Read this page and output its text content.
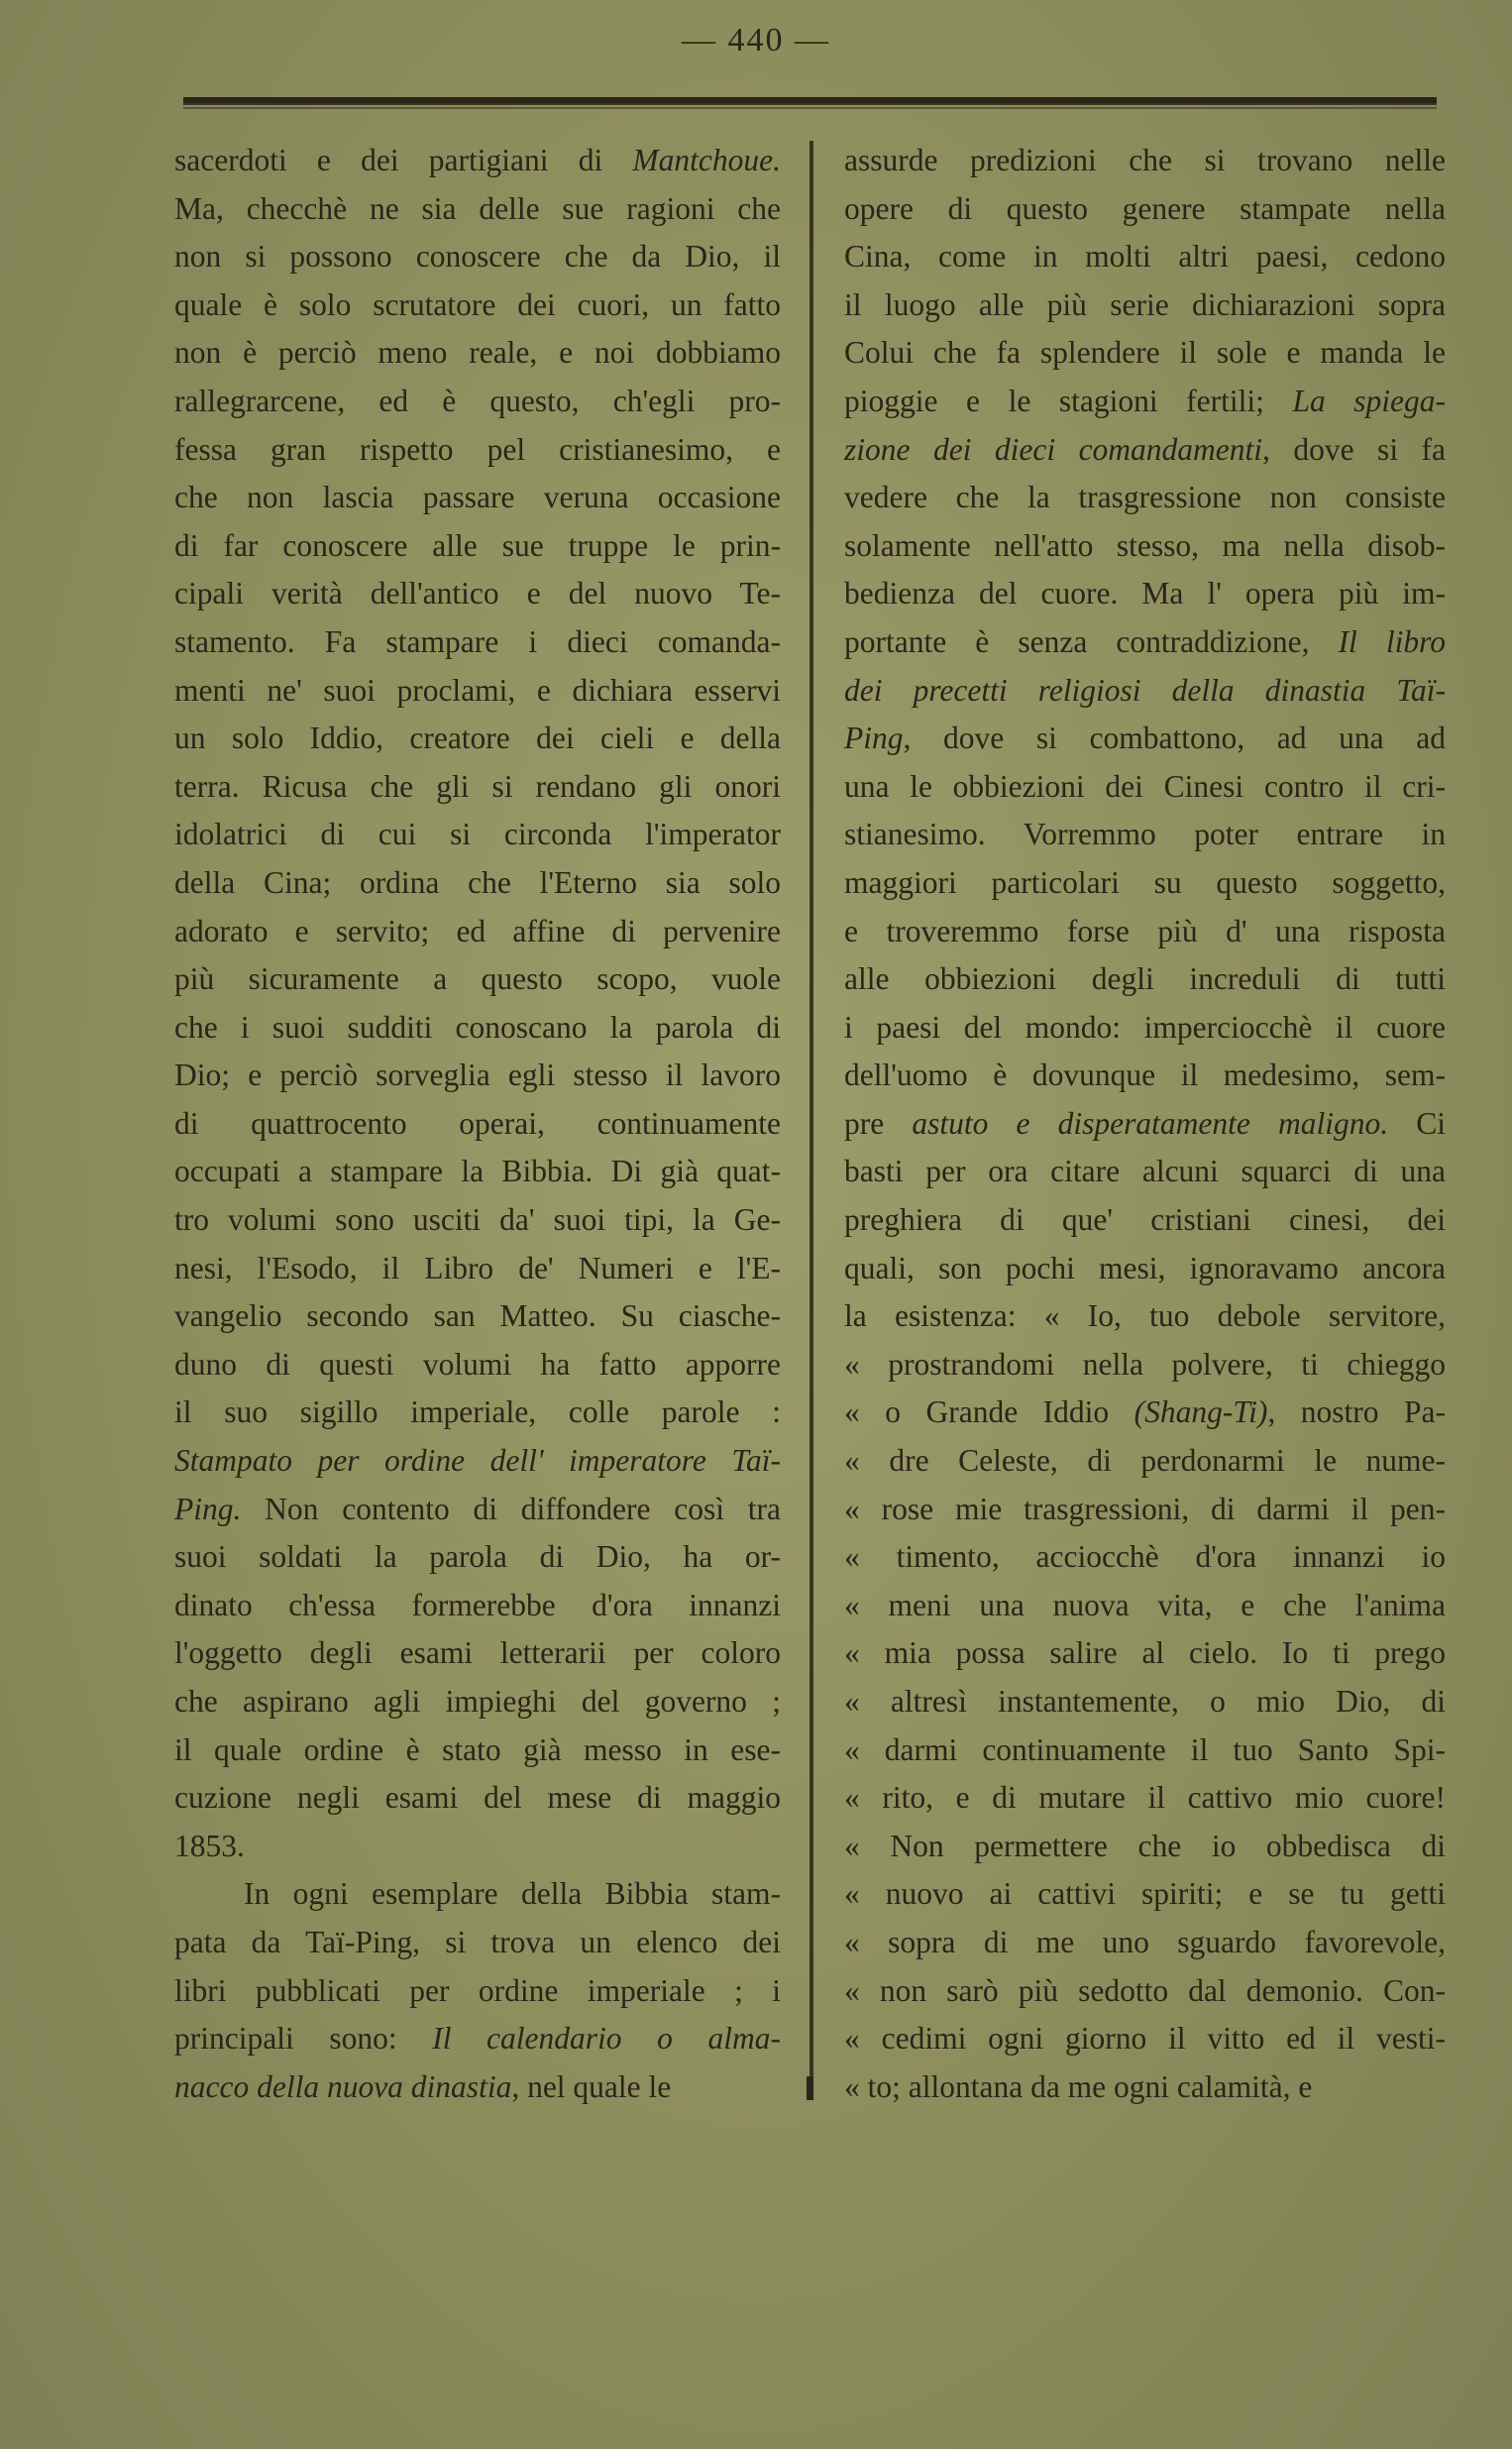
— 440 —
sacerdoti e dei partigiani di Mantchoue.
Ma, checchè ne sia delle sue ragioni che
non si possono conoscere che da Dio, il
quale è solo scrutatore dei cuori, un fatto
non è perciò meno reale, e noi dobbiamo
rallegrarcene, ed è questo, ch'egli pro-
fessa gran rispetto pel cristianesimo, e
che non lascia passare veruna occasione
di far conoscere alle sue truppe le prin-
cipali verità dell'antico e del nuovo Te-
stamento. Fa stampare i dieci comanda-
menti ne' suoi proclami, e dichiara esservi
un solo Iddio, creatore dei cieli e della
terra. Ricusa che gli si rendano gli onori
idolatrici di cui si circonda l'imperator
della Cina; ordina che l'Eterno sia solo
adorato e servito; ed affine di pervenire
più sicuramente a questo scopo, vuole
che i suoi sudditi conoscano la parola di
Dio; e perciò sorveglia egli stesso il lavoro
di quattrocento operai, continuamente
occupati a stampare la Bibbia. Di già quat-
tro volumi sono usciti da' suoi tipi, la Ge-
nesi, l'Esodo, il Libro de' Numeri e l'E-
vangelio secondo san Matteo. Su ciasche-
duno di questi volumi ha fatto apporre
il suo sigillo imperiale, colle parole :
Stampato per ordine dell' imperatore Taï-
Ping. Non contento di diffondere così tra
suoi soldati la parola di Dio, ha or-
dinato ch'essa formerebbe d'ora innanzi
l'oggetto degli esami letterarii per coloro
che aspirano agli impieghi del governo ;
il quale ordine è stato già messo in ese-
cuzione negli esami del mese di maggio
1853.
In ogni esemplare della Bibbia stam-
pata da Taï-Ping, si trova un elenco dei
libri pubblicati per ordine imperiale ; i
principali sono: Il calendario o alma-
nacco della nuova dinastia, nel quale le
assurde predizioni che si trovano nelle
opere di questo genere stampate nella
Cina, come in molti altri paesi, cedono
il luogo alle più serie dichiarazioni sopra
Colui che fa splendere il sole e manda le
pioggie e le stagioni fertili; La spiega-
zione dei dieci comandamenti, dove si fa
vedere che la trasgressione non consiste
solamente nell'atto stesso, ma nella disob-
bedienza del cuore. Ma l' opera più im-
portante è senza contraddizione, Il libro
dei precetti religiosi della dinastia Taï-
Ping, dove si combattono, ad una ad
una le obbiezioni dei Cinesi contro il cri-
stianesimo. Vorremmo poter entrare in
maggiori particolari su questo soggetto,
e troveremmo forse più d' una risposta
alle obbiezioni degli increduli di tutti
i paesi del mondo: imperciocchè il cuore
dell'uomo è dovunque il medesimo, sem-
pre astuto e disperatamente maligno. Ci
basti per ora citare alcuni squarci di una
preghiera di que' cristiani cinesi, dei
quali, son pochi mesi, ignoravamo ancora
la esistenza: « Io, tuo debole servitore,
« prostrandomi nella polvere, ti chieggo
« o Grande Iddio (Shang-Ti), nostro Pa-
« dre Celeste, di perdonarmi le nume-
« rose mie trasgressioni, di darmi il pen-
« timento, acciocchè d'ora innanzi io
« meni una nuova vita, e che l'anima
« mia possa salire al cielo. Io ti prego
« altresì instantemente, o mio Dio, di
« darmi continuamente il tuo Santo Spi-
« rito, e di mutare il cattivo mio cuore!
« Non permettere che io obbedisca di
« nuovo ai cattivi spiriti; e se tu getti
« sopra di me uno sguardo favorevole,
« non sarò più sedotto dal demonio. Con-
« cedimi ogni giorno il vitto ed il vesti-
« to; allontana da me ogni calamità, e
